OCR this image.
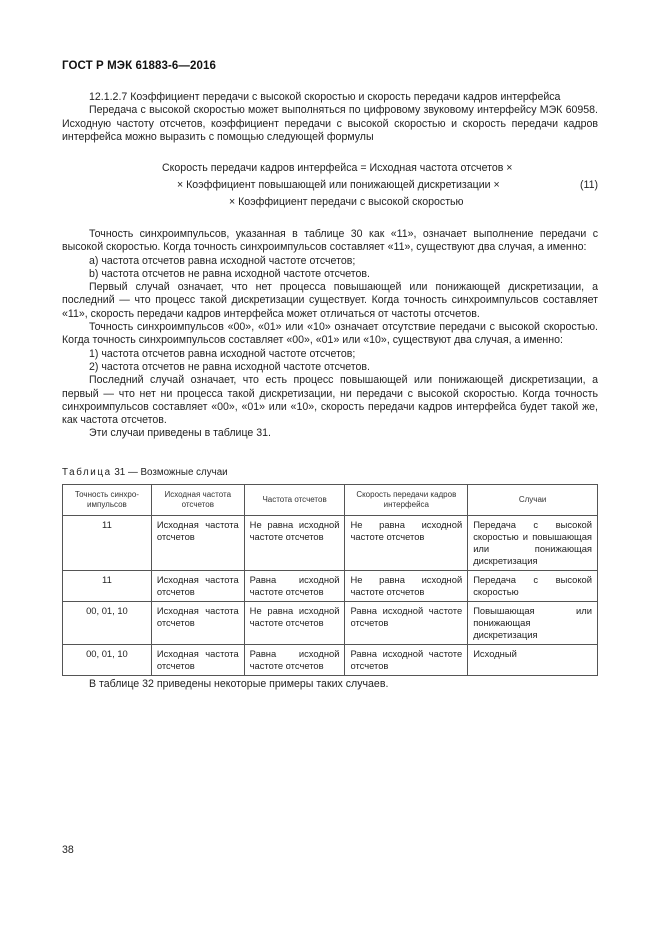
ГОСТ Р МЭК 61883-6—2016

12.1.2.7 Коэффициент передачи с высокой скоростью и скорость передачи кадров интерфейса

Передача с высокой скоростью может выполняться по цифровому звуковому интерфейсу МЭК 60958. Исходную частоту отсчетов, коэффициент передачи с высокой скоростью и скорость передачи кадров интерфейса можно выразить с помощью следующей формулы

Скорость передачи кадров интерфейса = Исходная частота отсчетов ×
× Коэффициент повышающей или понижающей дискретизации ×
× Коэффициент передачи с высокой скоростью
(11)

Точность синхроимпульсов, указанная в таблице 30 как «11», означает выполнение передачи с высокой скоростью. Когда точность синхроимпульсов составляет «11», существуют два случая, а именно:

a) частота отсчетов равна исходной частоте отсчетов;

b) частота отсчетов не равна исходной частоте отсчетов.

Первый случай означает, что нет процесса повышающей или понижающей дискретизации, а последний — что процесс такой дискретизации существует. Когда точность синхроимпульсов составляет «11», скорость передачи кадров интерфейса может отличаться от частоты отсчетов.

Точность синхроимпульсов «00», «01» или «10» означает отсутствие передачи с высокой скоростью. Когда точность синхроимпульсов составляет «00», «01» или «10», существуют два случая, а именно:

1) частота отсчетов равна исходной частоте отсчетов;

2) частота отсчетов не равна исходной частоте отсчетов.

Последний случай означает, что есть процесс повышающей или понижающей дискретизации, а первый — что нет ни процесса такой дискретизации, ни передачи с высокой скоростью. Когда точность синхроимпульсов составляет «00», «01» или «10», скорость передачи кадров интерфейса будет такой же, как частота отсчетов.

Эти случаи приведены в таблице 31.

Таблица 31 — Возможные случаи
Точность синхро-импульсов	Исходная частота отсчетов	Частота отсчетов	Скорость передачи кадров интерфейса	Случаи
11	Исходная частота отсчетов	Не равна исходной частоте отсчетов	Не равна исходной частоте отсчетов	Передача с высокой скоростью и повышающая или понижающая дискретизация
11	Исходная частота отсчетов	Равна исходной частоте отсчетов	Не равна исходной частоте отсчетов	Передача с высокой скоростью
00, 01, 10	Исходная частота отсчетов	Не равна исходной частоте отсчетов	Равна исходной частоте отсчетов	Повышающая или понижающая дискретизация
00, 01, 10	Исходная частота отсчетов	Равна исходной частоте отсчетов	Равна исходной частоте отсчетов	Исходный

В таблице 32 приведены некоторые примеры таких случаев.

38
